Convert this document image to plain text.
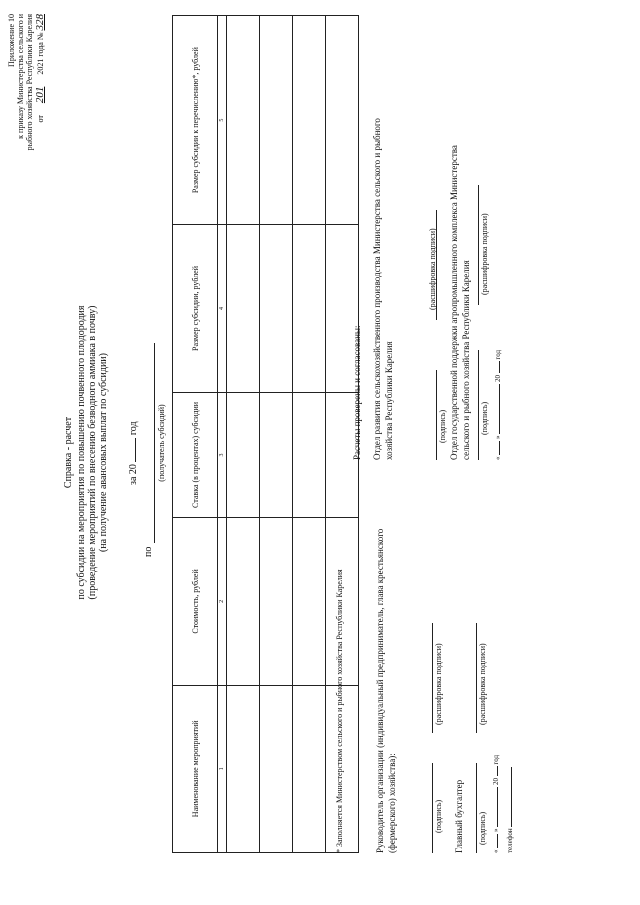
Приложение 10 к приказу Министерства сельского и рыбного хозяйства Республики Карелия от 201 2021 года № 328
Справка - расчет по субсидии на мероприятия по повышению почвенного плодородия (проведение мероприятий по внесению безводного аммиака в почву) (на получение авансовых выплат по субсидии) за 20  год
по
(получатель субсидий)
Наименование мероприятий	Стоимость, рублей	Ставка (в процентах) субсидии	Размер субсидии, рублей	Размер субсидии к перечислению*, рублей
1	2	3	4	5

* Заполняется Министерством сельского и рыбного хозяйства Республики Карелия	Руководитель организации (индивидуальный предприниматель, глава крестьянского (фермерского) хозяйства):	(подпись)
(расшифровка подписи)
Главный бухгалтер (подпись)
(расшифровка подписи)
«  »  20  год
телефон
Расчеты проверены и согласованы: Отдел развития сельскохозяйственного производства Министерства сельского и рыбного хозяйства Республики Карелия	(подпись)
(расшифровка подписи) Отдел государственной поддержки агропромышленного комплекса Министерства сельского и рыбного хозяйства Республики Карелия (подпись)
(расшифровка подписи)
«  »  20  год
